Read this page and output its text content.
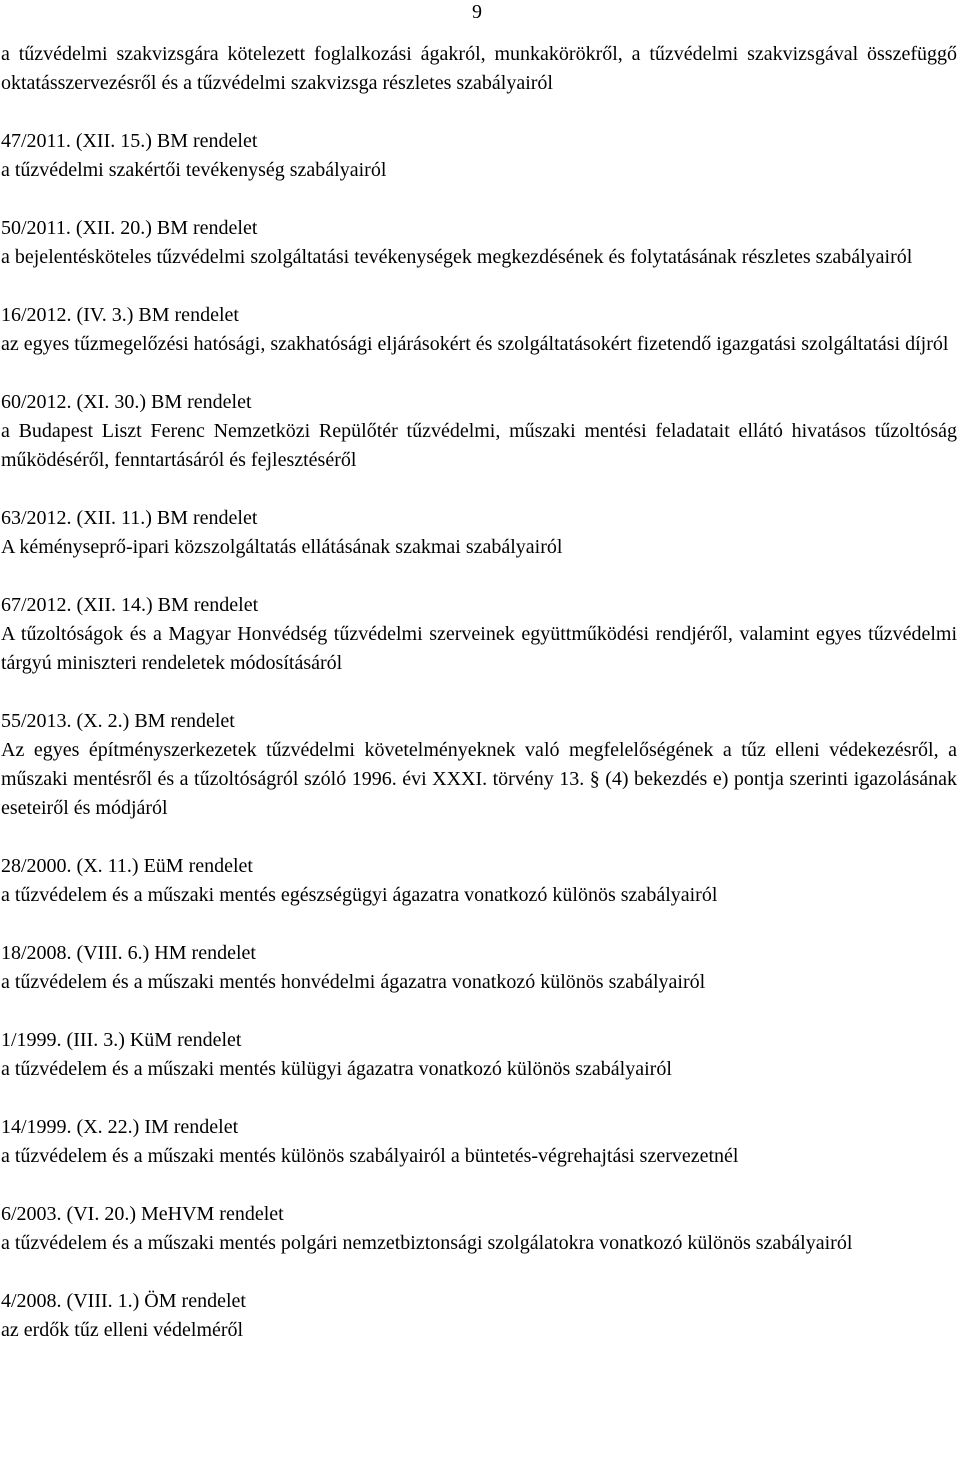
9

a tűzvédelmi szakvizsgára kötelezett foglalkozási ágakról, munkakörökről, a tűzvédelmi szakvizsgával összefüggő oktatásszervezésről és a tűzvédelmi szakvizsga részletes szabályairól

47/2011. (XII. 15.) BM rendelet

a tűzvédelmi szakértői tevékenység szabályairól

50/2011. (XII. 20.) BM rendelet

a bejelentésköteles tűzvédelmi szolgáltatási tevékenységek megkezdésének és folytatásának részletes szabályairól

16/2012. (IV. 3.) BM rendelet

az egyes tűzmegelőzési hatósági, szakhatósági eljárásokért és szolgáltatásokért fizetendő igazgatási szolgáltatási díjról

60/2012. (XI. 30.) BM rendelet

a Budapest Liszt Ferenc Nemzetközi Repülőtér tűzvédelmi, műszaki mentési feladatait ellátó hivatásos tűzoltóság működéséről, fenntartásáról és fejlesztéséről

63/2012. (XII. 11.) BM rendelet

A kéményseprő-ipari közszolgáltatás ellátásának szakmai szabályairól

67/2012. (XII. 14.) BM rendelet

A tűzoltóságok és a Magyar Honvédség tűzvédelmi szerveinek együttműködési rendjéről, valamint egyes tűzvédelmi tárgyú miniszteri rendeletek módosításáról

55/2013. (X. 2.) BM rendelet

Az egyes építményszerkezetek tűzvédelmi követelményeknek való megfelelőségének a tűz elleni védekezésről, a műszaki mentésről és a tűzoltóságról szóló 1996. évi XXXI. törvény 13. § (4) bekezdés e) pontja szerinti igazolásának eseteiről és módjáról

28/2000. (X. 11.) EüM rendelet

a tűzvédelem és a műszaki mentés egészségügyi ágazatra vonatkozó különös szabályairól

18/2008. (VIII. 6.) HM rendelet

a tűzvédelem és a műszaki mentés honvédelmi ágazatra vonatkozó különös szabályairól

1/1999. (III. 3.) KüM rendelet

a tűzvédelem és a műszaki mentés külügyi ágazatra vonatkozó különös szabályairól

14/1999. (X. 22.) IM rendelet

a tűzvédelem és a műszaki mentés különös szabályairól a büntetés-végrehajtási szervezetnél

6/2003. (VI. 20.) MeHVM rendelet

a tűzvédelem és a műszaki mentés polgári nemzetbiztonsági szolgálatokra vonatkozó különös szabályairól

4/2008. (VIII. 1.) ÖM rendelet

az erdők tűz elleni védelméről
